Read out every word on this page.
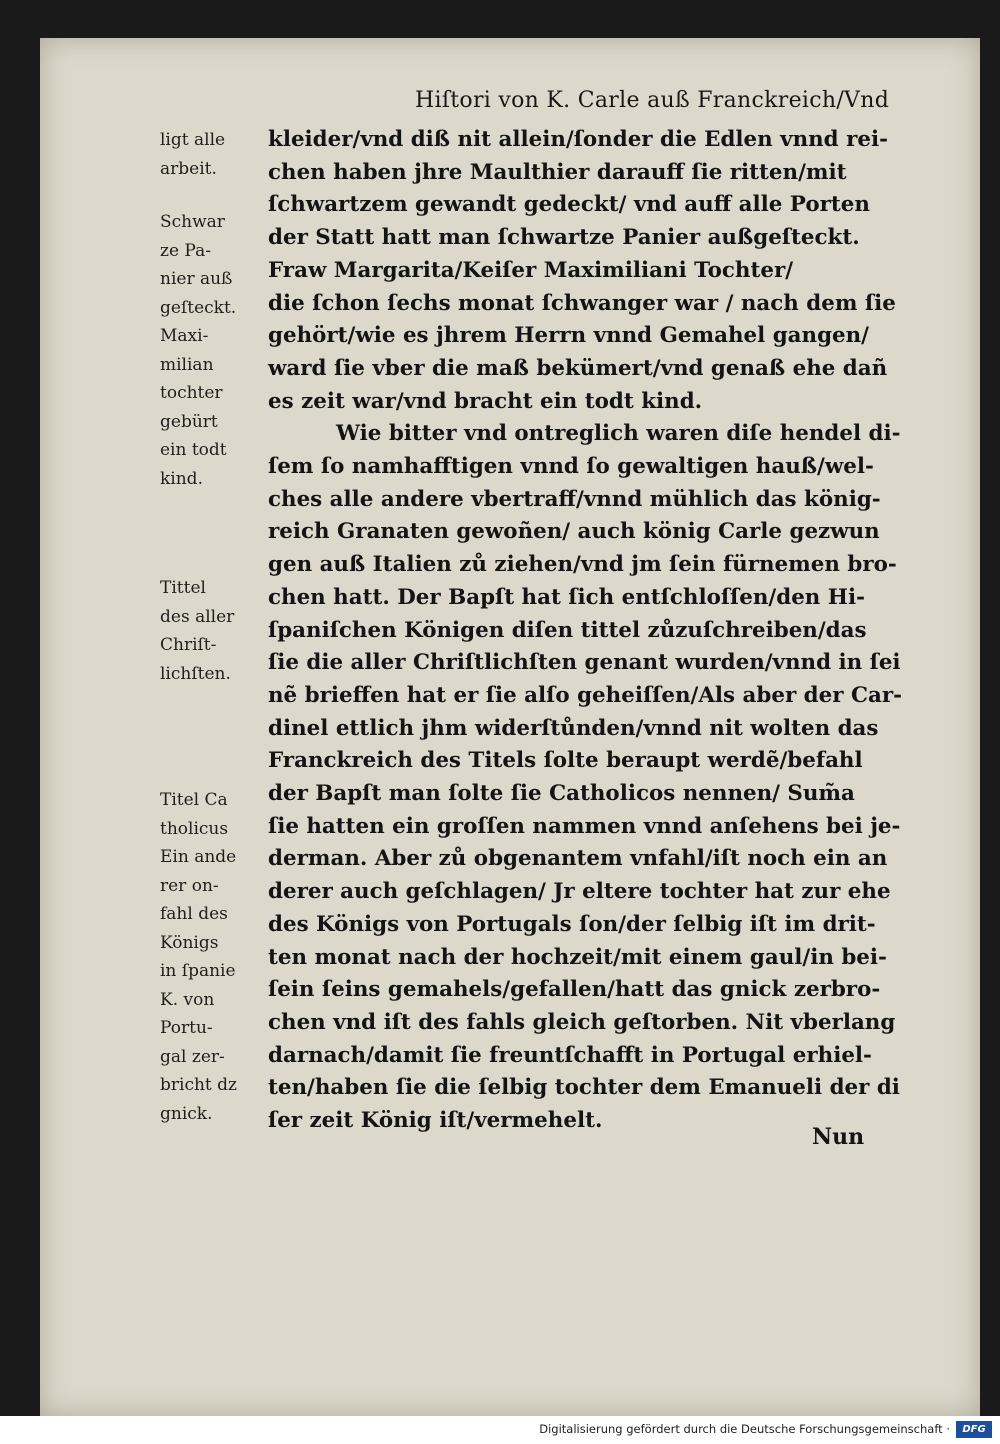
Hiſtori von K. Carle auß Franckreich/Vnd
ligt alle
arbeit.
Schwar
ze Pa‑
nier auß
geſteckt.
Maxi‑
milian
tochter
gebürt
ein todt
kind.
Tittel
des aller
Chriſt‑
lichſten.
Titel Ca
tholicus
Ein ande
rer on‑
fahl des
Königs
in ſpanie
K. von
Portu‑
gal zer‑
bricht dz
gnick.
kleider/vnd diß nit allein/ſonder die Edlen vnnd rei‑
chen haben jhre Maulthier darauff ſie ritten/mit
ſchwartzem gewandt gedeckt/ vnd auff alle Porten
der Statt hatt man ſchwartze Panier außgeſteckt.
Fraw Margarita/Keiſer Maximiliani Tochter/
die ſchon ſechs monat ſchwanger war / nach dem ſie
gehört/wie es jhrem Herrn vnnd Gemahel gangen/
ward ſie vber die maß bekümert/vnd genaß ehe dañ
es zeit war/vnd bracht ein todt kind.
Wie bitter vnd ontreglich waren diſe hendel di‑
ſem ſo namhafftigen vnnd ſo gewaltigen hauß/wel‑
ches alle andere vbertraff/vnnd mühlich das könig‑
reich Granaten gewoñen/ auch könig Carle gezwun
gen auß Italien zů ziehen/vnd jm ſein fürnemen bro‑
chen hatt. Der Bapſt hat ſich entſchloſſen/den Hi‑
ſpaniſchen Königen diſen tittel zůzuſchreiben/das
ſie die aller Chriſtlichſten genant wurden/vnnd in ſei
nẽ brieffen hat er ſie alſo geheiſſen/Als aber der Car‑
dinel ettlich jhm widerſtůnden/vnnd nit wolten das
Franckreich des Titels ſolte beraupt werdẽ/befahl
der Bapſt man ſolte ſie Catholicos nennen/ Sum̃a
ſie hatten ein groſſen nammen vnnd anſehens bei je‑
derman. Aber zů obgenantem vnfahl/iſt noch ein an
derer auch geſchlagen/ Jr eltere tochter hat zur ehe
des Königs von Portugals ſon/der ſelbig iſt im drit‑
ten monat nach der hochzeit/mit einem gaul/in bei‑
ſein ſeins gemahels/gefallen/hatt das gnick zerbro‑
chen vnd iſt des fahls gleich geſtorben. Nit vberlang
darnach/damit ſie freuntſchafft in Portugal erhiel‑
ten/haben ſie die ſelbig tochter dem Emanueli der di
ſer zeit König iſt/vermehelt.
Nun
Digitalisierung gefördert durch die Deutsche Forschungsgemeinschaft ·	DFG
